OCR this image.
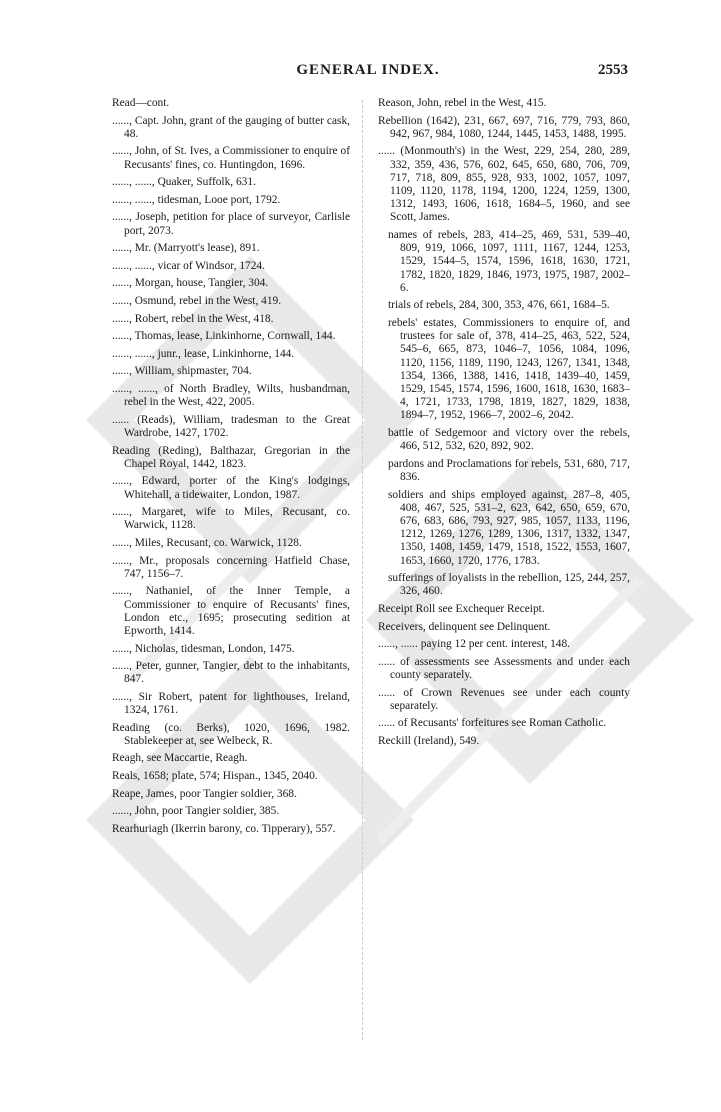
GENERAL INDEX.	2553

Read—cont.

......, Capt. John, grant of the gauging of butter cask, 48.

......, John, of St. Ives, a Commissioner to enquire of Recusants' fines, co. Huntingdon, 1696.

......, ......, Quaker, Suffolk, 631.

......, ......, tidesman, Looe port, 1792.

......, Joseph, petition for place of surveyor, Carlisle port, 2073.

......, Mr. (Marryott's lease), 891.

......, ......, vicar of Windsor, 1724.

......, Morgan, house, Tangier, 304.

......, Osmund, rebel in the West, 419.

......, Robert, rebel in the West, 418.

......, Thomas, lease, Linkinhorne, Cornwall, 144.

......, ......, junr., lease, Linkinhorne, 144.

......, William, shipmaster, 704.

......, ......, of North Bradley, Wilts, husbandman, rebel in the West, 422, 2005.

...... (Reads), William, tradesman to the Great Wardrobe, 1427, 1702.

Reading (Reding), Balthazar, Gregorian in the Chapel Royal, 1442, 1823.

......, Edward, porter of the King's lodgings, Whitehall, a tidewaiter, London, 1987.

......, Margaret, wife to Miles, Recusant, co. Warwick, 1128.

......, Miles, Recusant, co. Warwick, 1128.

......, Mr., proposals concerning Hatfield Chase, 747, 1156–7.

......, Nathaniel, of the Inner Temple, a Commissioner to enquire of Recusants' fines, London etc., 1695; prosecuting sedition at Epworth, 1414.

......, Nicholas, tidesman, London, 1475.

......, Peter, gunner, Tangier, debt to the inhabitants, 847.

......, Sir Robert, patent for lighthouses, Ireland, 1324, 1761.

Reading (co. Berks), 1020, 1696, 1982. Stablekeeper at, see Welbeck, R.

Reagh, see Maccartie, Reagh.

Reals, 1658; plate, 574; Hispan., 1345, 2040.

Reape, James, poor Tangier soldier, 368.

......, John, poor Tangier soldier, 385.

Rearhuriagh (Ikerrin barony, co. Tipperary), 557.

Reason, John, rebel in the West, 415.

Rebellion (1642), 231, 667, 697, 716, 779, 793, 860, 942, 967, 984, 1080, 1244, 1445, 1453, 1488, 1995.

...... (Monmouth's) in the West, 229, 254, 280, 289, 332, 359, 436, 576, 602, 645, 650, 680, 706, 709, 717, 718, 809, 855, 928, 933, 1002, 1057, 1097, 1109, 1120, 1178, 1194, 1200, 1224, 1259, 1300, 1312, 1493, 1606, 1618, 1684–5, 1960, and see Scott, James.

names of rebels, 283, 414–25, 469, 531, 539–40, 809, 919, 1066, 1097, 1111, 1167, 1244, 1253, 1529, 1544–5, 1574, 1596, 1618, 1630, 1721, 1782, 1820, 1829, 1846, 1973, 1975, 1987, 2002–6.

trials of rebels, 284, 300, 353, 476, 661, 1684–5.

rebels' estates, Commissioners to enquire of, and trustees for sale of, 378, 414–25, 463, 522, 524, 545–6, 665, 873, 1046–7, 1056, 1084, 1096, 1120, 1156, 1189, 1190, 1243, 1267, 1341, 1348, 1354, 1366, 1388, 1416, 1418, 1439–40, 1459, 1529, 1545, 1574, 1596, 1600, 1618, 1630, 1683–4, 1721, 1733, 1798, 1819, 1827, 1829, 1838, 1894–7, 1952, 1966–7, 2002–6, 2042.

battle of Sedgemoor and victory over the rebels, 466, 512, 532, 620, 892, 902.

pardons and Proclamations for rebels, 531, 680, 717, 836.

soldiers and ships employed against, 287–8, 405, 408, 467, 525, 531–2, 623, 642, 650, 659, 670, 676, 683, 686, 793, 927, 985, 1057, 1133, 1196, 1212, 1269, 1276, 1289, 1306, 1317, 1332, 1347, 1350, 1408, 1459, 1479, 1518, 1522, 1553, 1607, 1653, 1660, 1720, 1776, 1783.

sufferings of loyalists in the rebellion, 125, 244, 257, 326, 460.

Receipt Roll see Exchequer Receipt.

Receivers, delinquent see Delinquent.

......, ...... paying 12 per cent. interest, 148.

...... of assessments see Assessments and under each county separately.

...... of Crown Revenues see under each county separately.

...... of Recusants' forfeitures see Roman Catholic.

Reckill (Ireland), 549.
